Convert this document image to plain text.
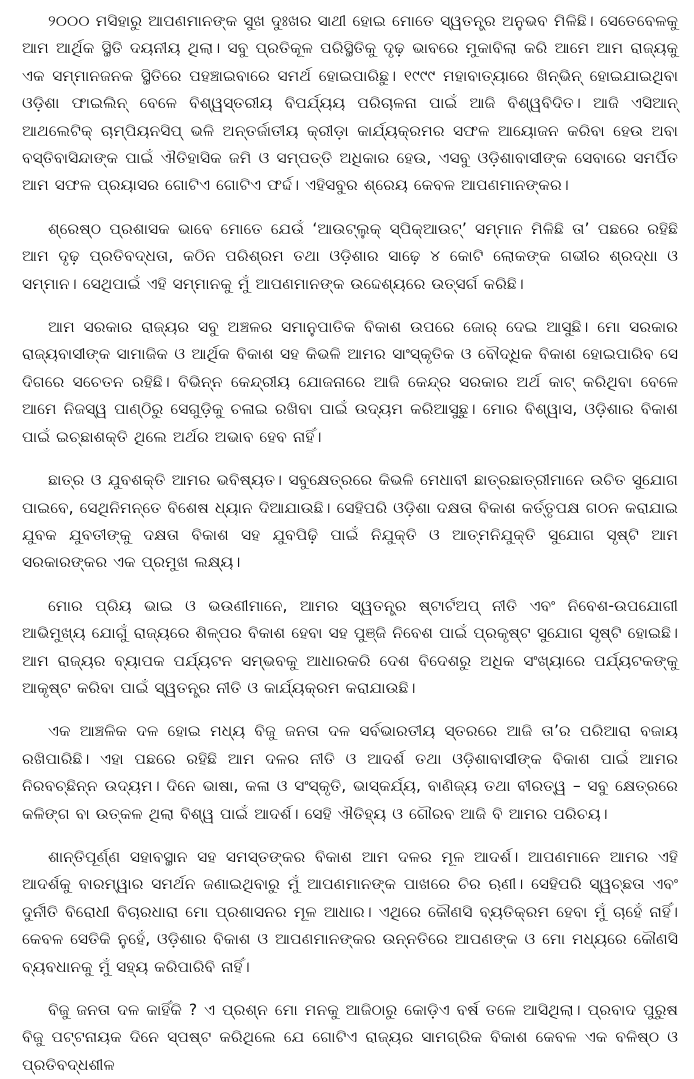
୨୦୦୦ ମସିହାରୁ ଆପଣମାନଙ୍କ ସୁଖ ଦୁଃଖର ସାଥୀ ହୋଇ ମୋତେ ସ୍ୱତନ୍ତ୍ର ଅନୁଭବ ମିଳିଛି। ସେତେବେଳକୁ ଆମ ଆର୍ଥିକ ସ୍ଥିତି ଦୟନୀୟ ଥିଲା। ସବୁ ପ୍ରତିକୂଳ ପରିସ୍ଥିତିକୁ ଦୃଢ଼ ଭାବରେ ମୁକାବିଲା କରି ଆମେ ଆମ ରାଜ୍ୟକୁ ଏକ ସମ୍ମାନଜନକ ସ୍ଥିତିରେ ପହଞ୍ଚାଇବାରେ ସମର୍ଥ ହୋଇପାରିଛୁ। ୧୯୯୯ ମହାବାତ୍ୟାରେ ଖିନ୍‌ଭିନ୍ ହୋଇଯାଇଥିବା ଓଡ଼ିଶା ଫାଇଲିନ୍ ବେଳେ ବିଶ୍ୱସ୍ତରୀୟ ବିପର୍ଯ୍ୟୟ ପରିଚାଳନା ପାଇଁ ଆଜି ବିଶ୍ୱବିଦିତ। ଆଜି ଏସିଆନ୍ ଆଥଲେଟିକ୍ ଚାମ୍ପିୟନସିପ୍ ଭଳି ଅନ୍ତର୍ଜାତୀୟ କ୍ରୀଡ଼ା କାର୍ଯ୍ୟକ୍ରମର ସଫଳ ଆୟୋଜନ କରିବା ହେଉ ଅବା ବସ୍ତିବାସିନ୍ଦାଙ୍କ ପାଇଁ ଐତିହାସିକ ଜମି ଓ ସମ୍ପତ୍ତି ଅଧିକାର ହେଉ, ଏସବୁ ଓଡ଼ିଶାବାସୀଙ୍କ ସେବାରେ ସମର୍ପିତ ଆମ ସଫଳ ପ୍ରୟାସର ଗୋଟିଏ ଗୋଟିଏ ଫର୍ଦ୍ଦ। ଏହିସବୁର ଶ୍ରେୟ କେବଳ ଆପଣମାନଙ୍କର।

ଶ୍ରେଷ୍ଠ ପ୍ରଶାସକ ଭାବେ ମୋତେ ଯେଉଁ ‘ଆଉଟ୍‌ଲୁକ୍ ସ୍ପିକ୍‌ଆଉଟ୍’ ସମ୍ମାନ ମିଳିଛି ତା’ ପଛରେ ରହିଛି ଆମ ଦୃଢ଼ ପ୍ରତିବଦ୍ଧତା, କଠିନ ପରିଶ୍ରମ ତଥା ଓଡ଼ିଶାର ସାଢ଼େ ୪ କୋଟି ଲୋକଙ୍କ ଗଭୀର ଶ୍ରଦ୍ଧା ଓ ସମ୍ମାନ। ସେଥିପାଇଁ ଏହି ସମ୍ମାନକୁ ମୁଁ ଆପଣମାନଙ୍କ ଉଦ୍ଦେଶ୍ୟରେ ଉତ୍ସର୍ଗ କରିଛି।

ଆମ ସରକାର ରାଜ୍ୟର ସବୁ ଅଞ୍ଚଳର ସମାନୁପାତିକ ବିକାଶ ଉପରେ ଜୋର୍ ଦେଇ ଆସୁଛି। ମୋ ସରକାର ରାଜ୍ୟବାସୀଙ୍କ ସାମାଜିକ ଓ ଆର୍ଥିକ ବିକାଶ ସହ କିଭଳି ଆମର ସାଂସ୍କୃତିକ ଓ ବୌଦ୍ଧିକ ବିକାଶ ହୋଇପାରିବ ସେ ଦିଗରେ ସଚେତନ ରହିଛି। ବିଭିନ୍ନ କେନ୍ଦ୍ରୀୟ ଯୋଜନାରେ ଆଜି କେନ୍ଦ୍ର ସରକାର ଅର୍ଥ କାଟ୍ କରିଥିବା ବେଳେ ଆମେ ନିଜସ୍ୱ ପାଣ୍ଠିରୁ ସେଗୁଡ଼ିକୁ ଚଳାଇ ରଖିବା ପାଇଁ ଉଦ୍ୟମ କରିଆସୁଛୁ। ମୋର ବିଶ୍ୱାସ, ଓଡ଼ିଶାର ବିକାଶ ପାଇଁ ଇଚ୍ଛାଶକ୍ତି ଥିଲେ ଅର୍ଥର ଅଭାବ ହେବ ନାହିଁ।

ଛାତ୍ର ଓ ଯୁବଶକ୍ତି ଆମର ଭବିଷ୍ୟତ। ସବୁକ୍ଷେତ୍ରରେ କିଭଳି ମେଧାବୀ ଛାତ୍ରଛାତ୍ରୀମାନେ ଉଚିତ ସୁଯୋଗ ପାଇବେ, ସେଥିନିମନ୍ତେ ବିଶେଷ ଧ୍ୟାନ ଦିଆଯାଉଛି। ସେହିପରି ଓଡ଼ିଶା ଦକ୍ଷତା ବିକାଶ କର୍ତ୍ତୃପକ୍ଷ ଗଠନ କରାଯାଇ ଯୁବକ ଯୁବତୀଙ୍କୁ ଦକ୍ଷତା ବିକାଶ ସହ ଯୁବପିଢ଼ି ପାଇଁ ନିଯୁକ୍ତି ଓ ଆତ୍ମନିଯୁକ୍ତି ସୁଯୋଗ ସୃଷ୍ଟି ଆମ ସରକାରଙ୍କର ଏକ ପ୍ରମୁଖ ଲକ୍ଷ୍ୟ।

ମୋର ପ୍ରିୟ ଭାଇ ଓ ଭଉଣୀମାନେ, ଆମର ସ୍ୱତନ୍ତ୍ର ଷ୍ଟାର୍ଟଅପ୍ ନୀତି ଏବଂ ନିବେଶ-ଉପଯୋଗୀ ଆଭିମୁଖ୍ୟ ଯୋଗୁଁ ରାଜ୍ୟରେ ଶିଳ୍ପର ବିକାଶ ହେବା ସହ ପୁଞ୍ଜି ନିବେଶ ପାଇଁ ପ୍ରକୃଷ୍ଟ ସୁଯୋଗ ସୃଷ୍ଟି ହୋଇଛି। ଆମ ରାଜ୍ୟର ବ୍ୟାପକ ପର୍ଯ୍ୟଟନ ସମ୍ଭବକୁ ଆଧାରକରି ଦେଶ ବିଦେଶରୁ ଅଧିକ ସଂଖ୍ୟାରେ ପର୍ଯ୍ୟଟକଙ୍କୁ ଆକୃଷ୍ଟ କରିବା ପାଇଁ ସ୍ୱତନ୍ତ୍ର ନୀତି ଓ କାର୍ଯ୍ୟକ୍ରମ କରାଯାଉଛି।

ଏକ ଆଞ୍ଚଳିକ ଦଳ ହୋଇ ମଧ୍ୟ ବିଜୁ ଜନତା ଦଳ ସର୍ବଭାରତୀୟ ସ୍ତରରେ ଆଜି ତା’ର ପରିଆରା ବଜାୟ ରଖିପାରିଛି। ଏହା ପଛରେ ରହିଛି ଆମ ଦଳର ନୀତି ଓ ଆଦର୍ଶ ତଥା ଓଡ଼ିଶାବାସୀଙ୍କ ବିକାଶ ପାଇଁ ଆମର ନିରବଚ୍ଛିନ୍ନ ଉଦ୍ୟମ। ଦିନେ ଭାଷା, କଳା ଓ ସଂସ୍କୃତି, ଭାସ୍କର୍ଯ୍ୟ, ବାଣିଜ୍ୟ ତଥା ବୀରତ୍ୱ – ସବୁ କ୍ଷେତ୍ରରେ କଳିଙ୍ଗ ବା ଉତ୍କଳ ଥିଲା ବିଶ୍ୱ ପାଇଁ ଆଦର୍ଶ। ସେହି ଐତିହ୍ୟ ଓ ଗୌରବ ଆଜି ବି ଆମର ପରିଚୟ।

ଶାନ୍ତିପୂର୍ଣ୍ଣ ସହାବସ୍ଥାନ ସହ ସମସ୍ତଙ୍କର ବିକାଶ ଆମ ଦଳର ମୂଳ ଆଦର୍ଶ। ଆପଣମାନେ ଆମର ଏହି ଆଦର୍ଶକୁ ବାରମ୍ୱାର ସମର୍ଥନ ଜଣାଇଥିବାରୁ ମୁଁ ଆପଣମାନଙ୍କ ପାଖରେ ଚିର ଋଣୀ। ସେହିପରି ସ୍ୱଚ୍ଛତା ଏବଂ ଦୁର୍ନୀତି ବିରୋଧୀ ବିଚାରଧାରା ମୋ ପ୍ରଶାସନର ମୂଳ ଆଧାର। ଏଥିରେ କୌଣସି ବ୍ୟତିକ୍ରମ ହେବା ମୁଁ ଚାହେଁ ନାହିଁ। କେବଳ ସେତିକି ନୁହେଁ, ଓଡ଼ିଶାର ବିକାଶ ଓ ଆପଣମାନଙ୍କର ଉନ୍ନତିରେ ଆପଣଙ୍କ ଓ ମୋ ମଧ୍ୟରେ କୌଣସି ବ୍ୟବଧାନକୁ ମୁଁ ସହ୍ୟ କରିପାରିବି ନାହିଁ।

ବିଜୁ ଜନତା ଦଳ କାହିଁକି ? ଏ ପ୍ରଶ୍ନ ମୋ ମନକୁ ଆଜିଠାରୁ କୋଡ଼ିଏ ବର୍ଷ ତଳେ ଆସିଥିଲା। ପ୍ରବାଦ ପୁରୁଷ ବିଜୁ ପଟ୍ଟନାୟକ ଦିନେ ସ୍ପଷ୍ଟ କରିଥିଲେ ଯେ ଗୋଟିଏ ରାଜ୍ୟର ସାମଗ୍ରିକ ବିକାଶ କେବଳ ଏକ ବଳିଷ୍ଠ ଓ ପ୍ରତିବଦ୍ଧଶୀଳ
